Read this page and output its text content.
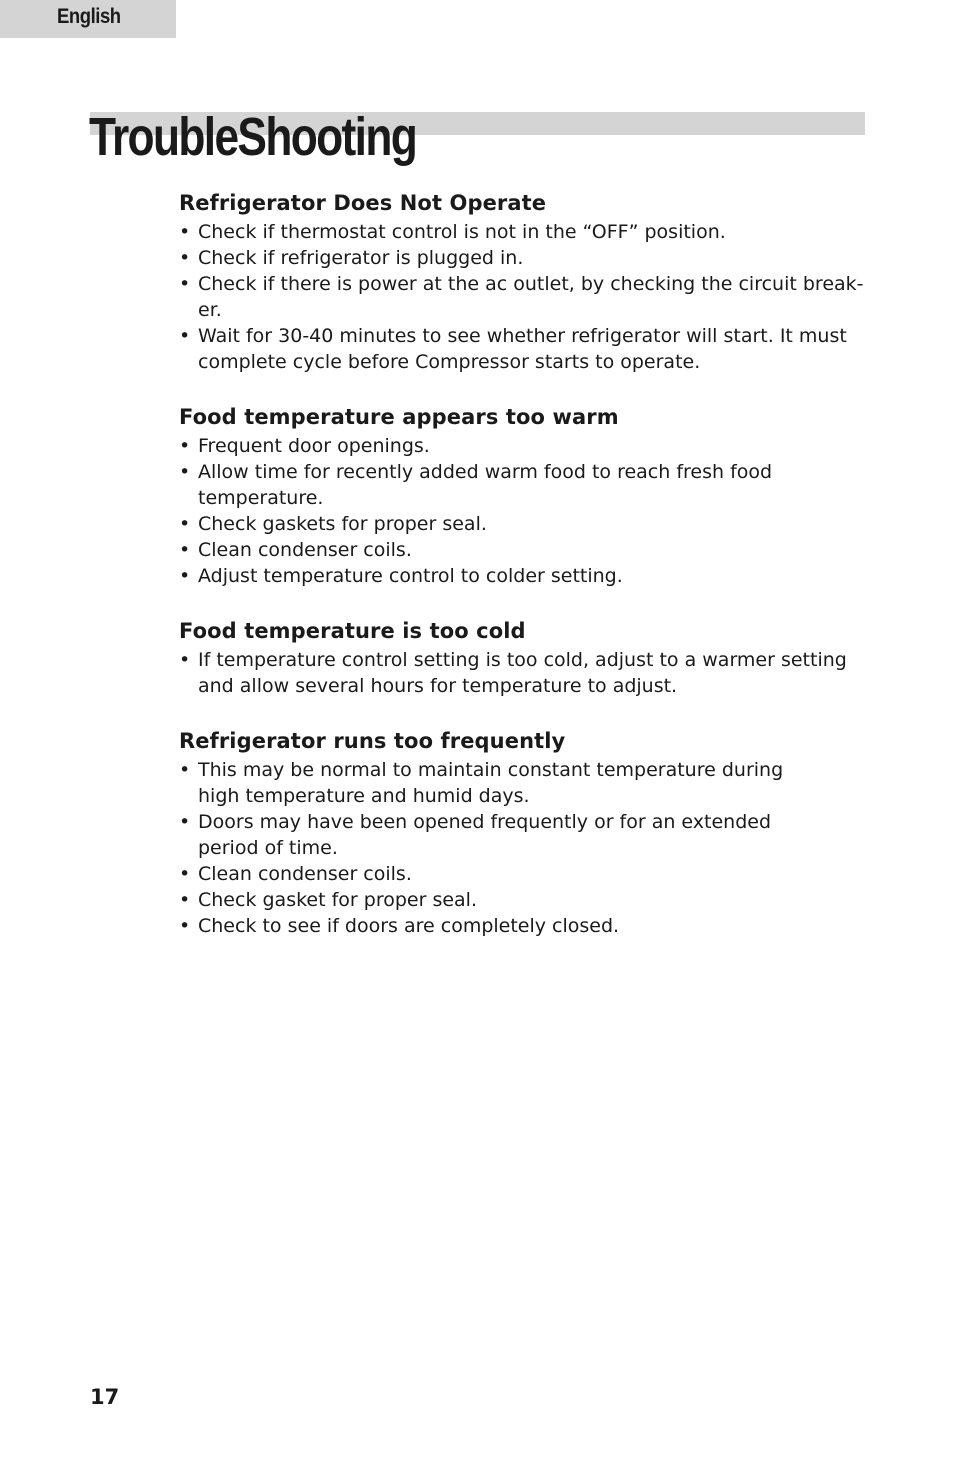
English
TroubleShooting
Refrigerator Does Not Operate
• Check if thermostat control is not in the “OFF” position.
• Check if refrigerator is plugged in.
• Check if there is power at the ac outlet, by checking the circuit break-
er.
• Wait for 30-40 minutes to see whether refrigerator will start. It must
complete cycle before Compressor starts to operate.
Food temperature appears too warm
• Frequent door openings.
• Allow time for recently added warm food to reach fresh food
temperature.
• Check gaskets for proper seal.
• Clean condenser coils.
• Adjust temperature control to colder setting.
Food temperature is too cold
• If temperature control setting is too cold, adjust to a warmer setting
and allow several hours for temperature to adjust.
Refrigerator runs too frequently
• This may be normal to maintain constant temperature during
high temperature and humid days.
• Doors may have been opened frequently or for an extended
period of time.
• Clean condenser coils.
• Check gasket for proper seal.
• Check to see if doors are completely closed.
17
